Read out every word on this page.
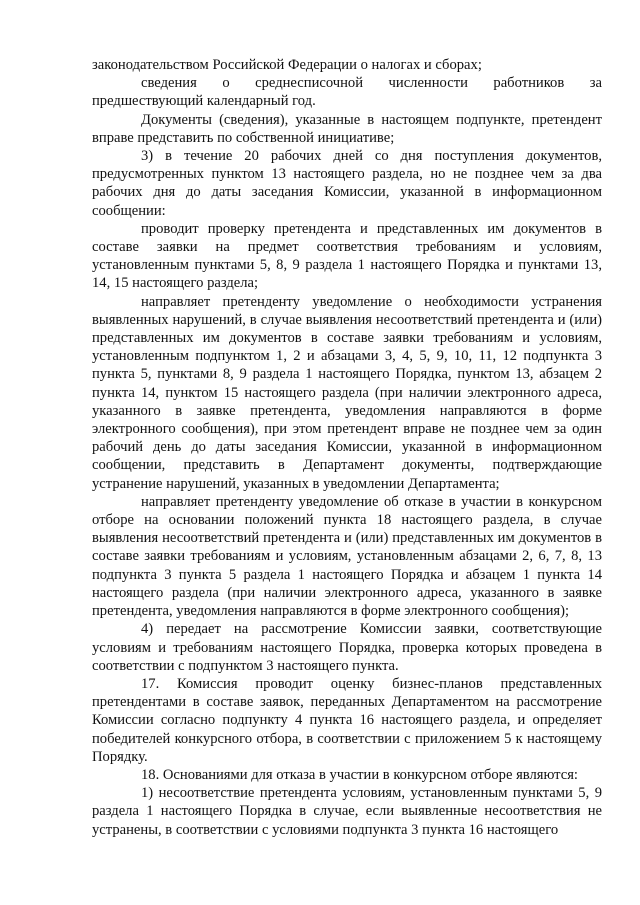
законодательством Российской Федерации о налогах и сборах;

сведения о среднесписочной численности работников за предшествующий календарный год.

Документы (сведения), указанные в настоящем подпункте, претендент вправе представить по собственной инициативе;

3) в течение 20 рабочих дней со дня поступления документов, предусмотренных пунктом 13 настоящего раздела, но не позднее чем за два рабочих дня до даты заседания Комиссии, указанной в информационном сообщении:

проводит проверку претендента и представленных им документов в составе заявки на предмет соответствия требованиям и условиям, установленным пунктами 5, 8, 9 раздела 1 настоящего Порядка и пунктами 13, 14, 15 настоящего раздела;

направляет претенденту уведомление о необходимости устранения выявленных нарушений, в случае выявления несоответствий претендента и (или) представленных им документов в составе заявки требованиям и условиям, установленным подпунктом 1, 2 и абзацами 3, 4, 5, 9, 10, 11, 12 подпункта 3 пункта 5, пунктами 8, 9 раздела 1 настоящего Порядка, пунктом 13, абзацем 2 пункта 14, пунктом 15 настоящего раздела (при наличии электронного адреса, указанного в заявке претендента, уведомления направляются в форме электронного сообщения), при этом претендент вправе не позднее чем за один рабочий день до даты заседания Комиссии, указанной в информационном сообщении, представить в Департамент документы, подтверждающие устранение нарушений, указанных в уведомлении Департамента;

направляет претенденту уведомление об отказе в участии в конкурсном отборе на основании положений пункта 18 настоящего раздела, в случае выявления несоответствий претендента и (или) представленных им документов в составе заявки требованиям и условиям, установленным абзацами 2, 6, 7, 8, 13 подпункта 3 пункта 5 раздела 1 настоящего Порядка и абзацем 1 пункта 14 настоящего раздела (при наличии электронного адреса, указанного в заявке претендента, уведомления направляются в форме электронного сообщения);

4) передает на рассмотрение Комиссии заявки, соответствующие условиям и требованиям настоящего Порядка, проверка которых проведена в соответствии с подпунктом 3 настоящего пункта.

17. Комиссия проводит оценку бизнес-планов представленных претендентами в составе заявок, переданных Департаментом на рассмотрение Комиссии согласно подпункту 4 пункта 16 настоящего раздела, и определяет победителей конкурсного отбора, в соответствии с приложением 5 к настоящему Порядку.

18. Основаниями для отказа в участии в конкурсном отборе являются:

1) несоответствие претендента условиям, установленным пунктами 5, 9 раздела 1 настоящего Порядка в случае, если выявленные несоответствия не устранены, в соответствии с условиями подпункта 3 пункта 16 настоящего
